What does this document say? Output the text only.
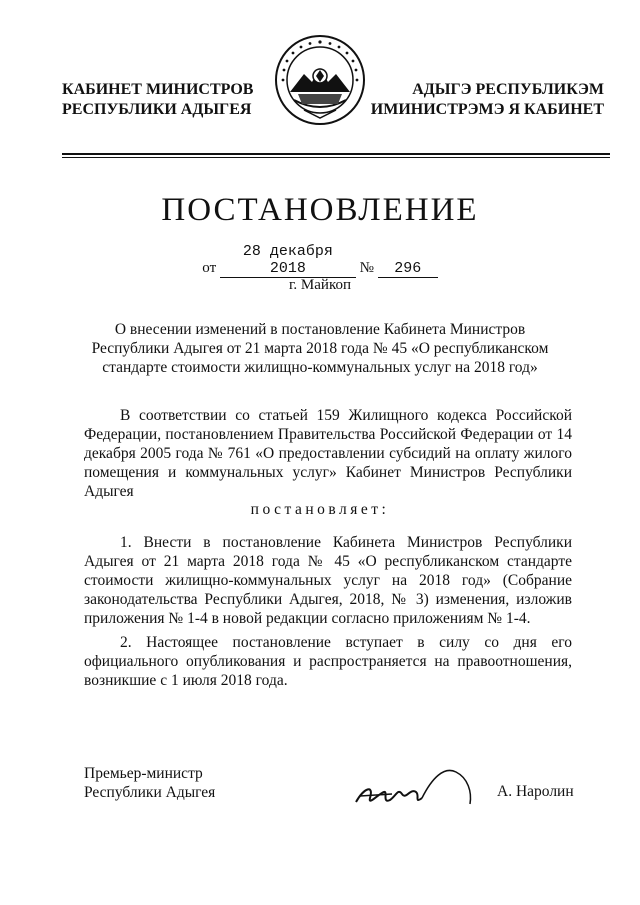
КАБИНЕТ МИНИСТРОВ
РЕСПУБЛИКИ АДЫГЕЯ
АДЫГЭ РЕСПУБЛИКЭМ
ИМИНИСТРЭМЭ Я КАБИНЕТ
ПОСТАНОВЛЕНИЕ
от 28 декабря 2018	№ 296
г. Майкоп
О внесении изменений в постановление Кабинета Министров Республики Адыгея от 21 марта 2018 года № 45 «О республиканском стандарте стоимости жилищно-коммунальных услуг на 2018 год»
В соответствии со статьей 159 Жилищного кодекса Российской Федерации, постановлением Правительства Российской Федерации от 14 декабря 2005 года № 761 «О предоставлении субсидий на оплату жилого помещения и коммунальных услуг» Кабинет Министров Республики Адыгея
постановляет:
1. Внести в постановление Кабинета Министров Республики Адыгея от 21 марта 2018 года № 45 «О республиканском стандарте стоимости жилищно-коммунальных услуг на 2018 год» (Собрание законодательства Республики Адыгея, 2018, № 3) изменения, изложив приложения № 1-4 в новой редакции согласно приложениям № 1-4.
2. Настоящее постановление вступает в силу со дня его официального опубликования и распространяется на правоотношения, возникшие с 1 июля 2018 года.
Премьер-министр
Республики Адыгея	А. Наролин
